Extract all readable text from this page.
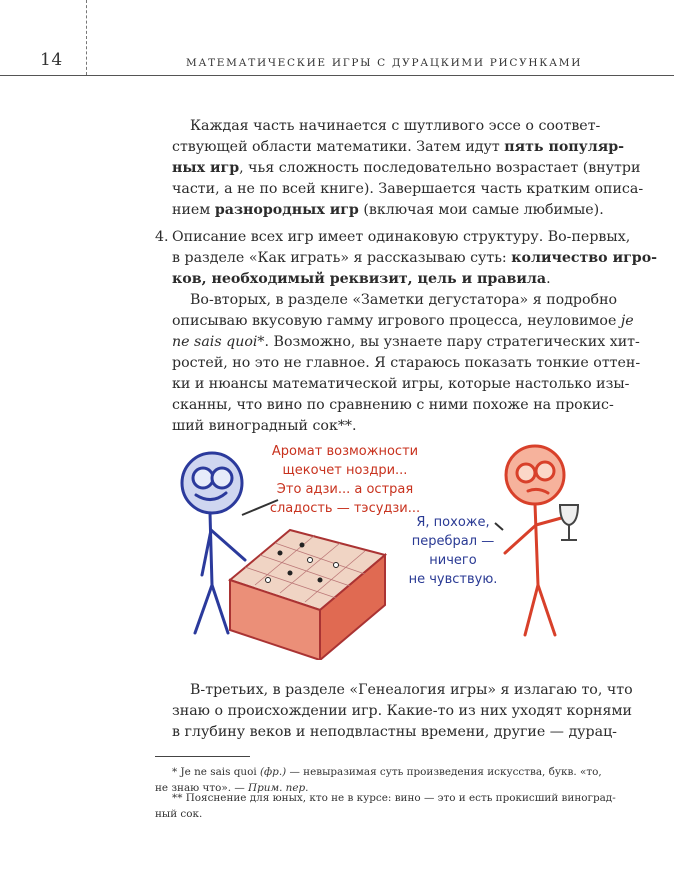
14	МАТЕМАТИЧЕСКИЕ ИГРЫ С ДУРАЦКИМИ РИСУНКАМИ
Каждая часть начинается с шутливого эссе о соответ-
ствующей области математики. Затем идут пять популяр-
ных игр, чья сложность последовательно возрастает (внутри
части, а не по всей книге). Завершается часть кратким описа-
нием разнородных игр (включая мои самые любимые).
4. Описание всех игр имеет одинаковую структуру. Во-первых,
в разделе «Как играть» я рассказываю суть: количество игро-
ков, необходимый реквизит, цель и правила.
Во-вторых, в разделе «Заметки дегустатора» я подробно
описываю вкусовую гамму игрового процесса, неуловимое je
ne sais quoi*. Возможно, вы узнаете пару стратегических хит-
ростей, но это не главное. Я стараюсь показать тонкие оттен-
ки и нюансы математической игры, которые настолько изы-
сканны, что вино по сравнению с ними похоже на прокис-
ший виноградный сок**.
Аромат возможности
щекочет ноздри...
Это адзи... а острая
сладость — тэсудзи...
Я, похоже,
перебрал —
ничего
не чувствую.
В-третьих, в разделе «Генеалогия игры» я излагаю то, что
знаю о происхождении игр. Какие-то из них уходят корнями
в глубину веков и неподвластны времени, другие — дурац-
* Je ne sais quoi (фр.) — невыразимая суть произведения искусства, букв. «то,
не знаю что». — Прим. пер.
** Пояснение для юных, кто не в курсе: вино — это и есть прокисший виноград-
ный сок.
